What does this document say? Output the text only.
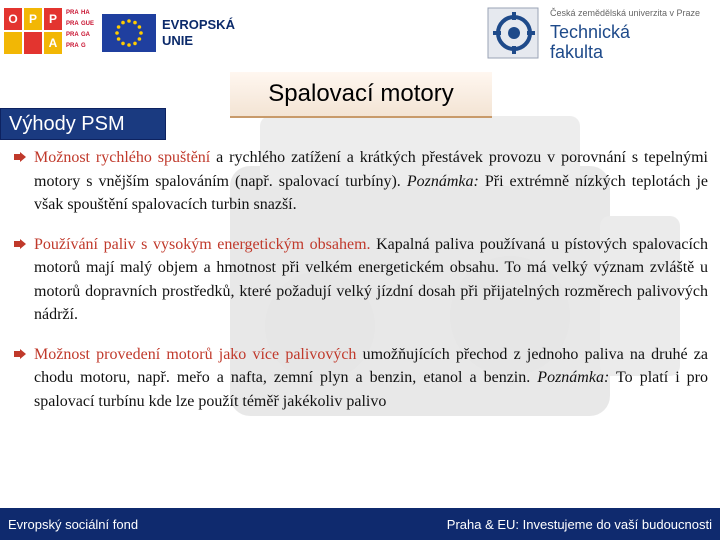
O P P
A
PRA HA
PRA GUE
PRA GA
PRA G
EVROPSKÁ
UNIE
Česká zemědělská univerzita v Praze
Technická
fakulta
Spalovací motory
Výhody PSM
Možnost rychlého spuštění a rychlého zatížení a krátkých přestávek provozu v porovnání s tepelnými motory s vnějším spalováním (např. spalovací turbíny). Poznámka: Při extrémně nízkých teplotách je však spouštění spalovacích turbin snazší.
Používání paliv s vysokým energetickým obsahem. Kapalná paliva používaná u pístových spalovacích motorů mají malý objem a hmotnost při velkém energetickém obsahu. To má velký význam zvláště u motorů dopravních prostředků, které požadují velký jízdní dosah při přijatelných rozměrech palivových nádrží.
Možnost provedení motorů jako více palivových umožňujících přechod z jednoho paliva na druhé za chodu motoru, např. meřo a nafta, zemní plyn a benzin, etanol a benzin. Poznámka: To platí i pro spalovací turbínu kde lze použít téměř jakékoliv palivo
Evropský sociální fond	Praha & EU: Investujeme do vaší budoucnosti
